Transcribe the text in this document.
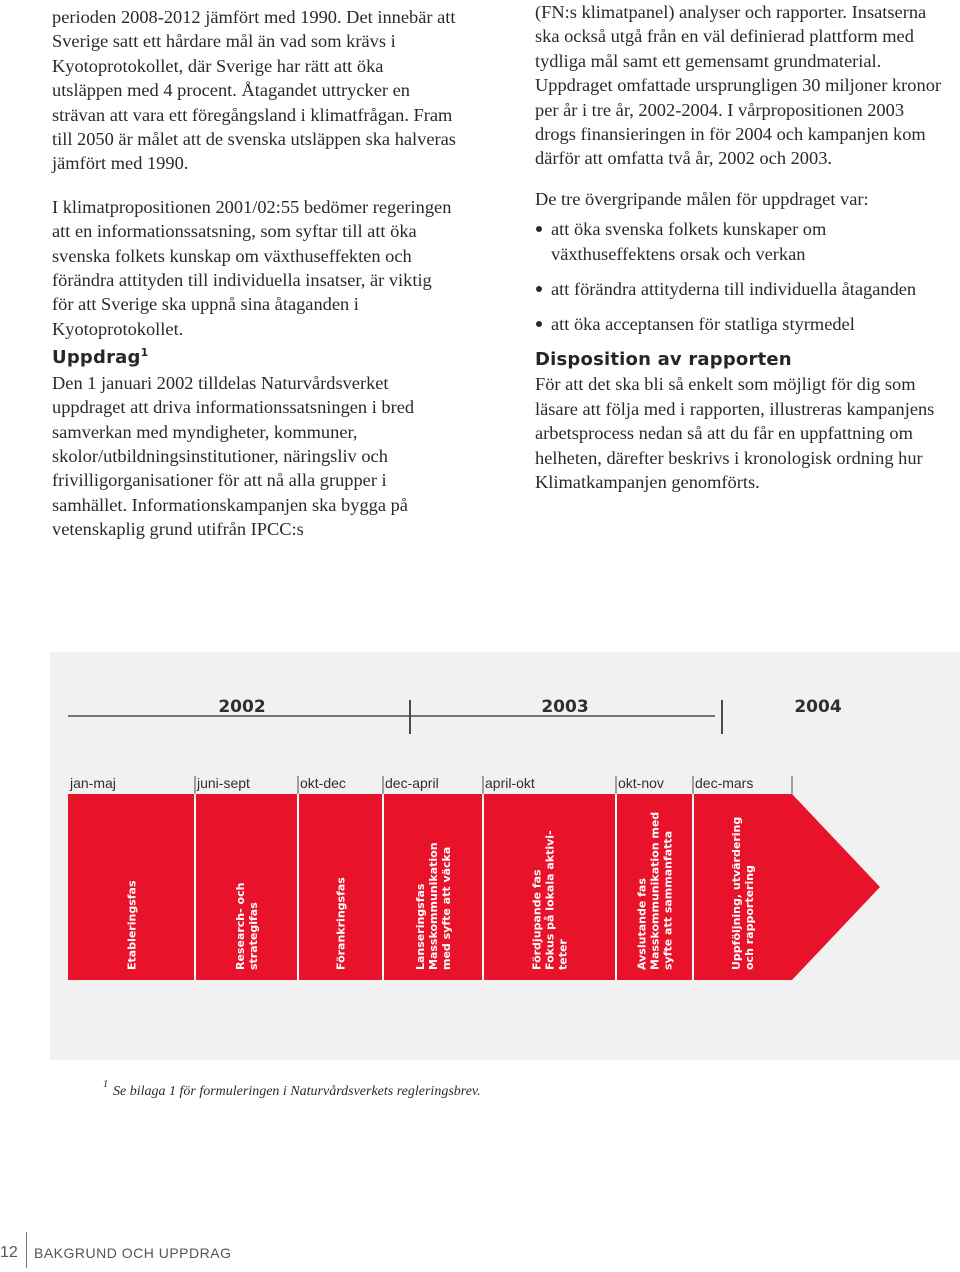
perioden 2008-2012 jämfört med 1990. Det innebär att Sverige satt ett hårdare mål än vad som krävs i Kyotoprotokollet, där Sverige har rätt att öka utsläppen med 4 procent. Åtagandet uttrycker en strävan att vara ett föregångsland i klimatfrågan. Fram till 2050 är målet att de svenska utsläppen ska halveras jämfört med 1990.

I klimatpropositionen 2001/02:55 bedömer regeringen att en informationssatsning, som syftar till att öka svenska folkets kunskap om växthuseffekten och förändra attityden till individuella insatser, är viktig för att Sverige ska uppnå sina åtaganden i Kyotoprotokollet.

Uppdrag$^1$

Den 1 januari 2002 tilldelas Naturvårdsverket uppdraget att driva informationssatsningen i bred samverkan med myndigheter, kommuner, skolor/utbildningsinstitutioner, näringsliv och frivilligorganisationer för att nå alla grupper i samhället. Informationskampanjen ska bygga på vetenskaplig grund utifrån IPCC:s

(FN:s klimatpanel) analyser och rapporter. Insatserna ska också utgå från en väl definierad plattform med tydliga mål samt ett gemensamt grundmaterial. Uppdraget omfattade ursprungligen 30 miljoner kronor per år i tre år, 2002-2004. I vårpropositionen 2003 drogs finansieringen in för 2004 och kampanjen kom därför att omfatta två år, 2002 och 2003.

De tre övergripande målen för uppdraget var:

att öka svenska folkets kunskaper om växthuseffektens orsak och verkan
att förändra attityderna till individuella åtaganden
att öka acceptansen för statliga styrmedel

Disposition av rapporten

För att det ska bli så enkelt som möjligt för dig som läsare att följa med i rapporten, illustreras kampanjens arbetsprocess nedan så att du får en uppfattning om helheten, därefter beskrivs i kronologisk ordning hur Klimatkampanjen genomförts.

2002	2003	2004
jan-maj	juni-sept	okt-dec	dec-april	april-okt	okt-nov dec-mars
Etableringsfas	Research- och strategifas	Förankringsfas	Lanseringsfas Masskommunikation med syfte att väcka	Fördjupande fas Fokus på lokala aktivi- teter	Avslutande fas Masskommunikation med syfte att sammanfatta	Uppföljning, utvärdering och rapportering
$^1$ Se bilaga 1 för formuleringen i Naturvårdsverkets regleringsbrev.
12 BAKGRUND OCH UPPDRAG
